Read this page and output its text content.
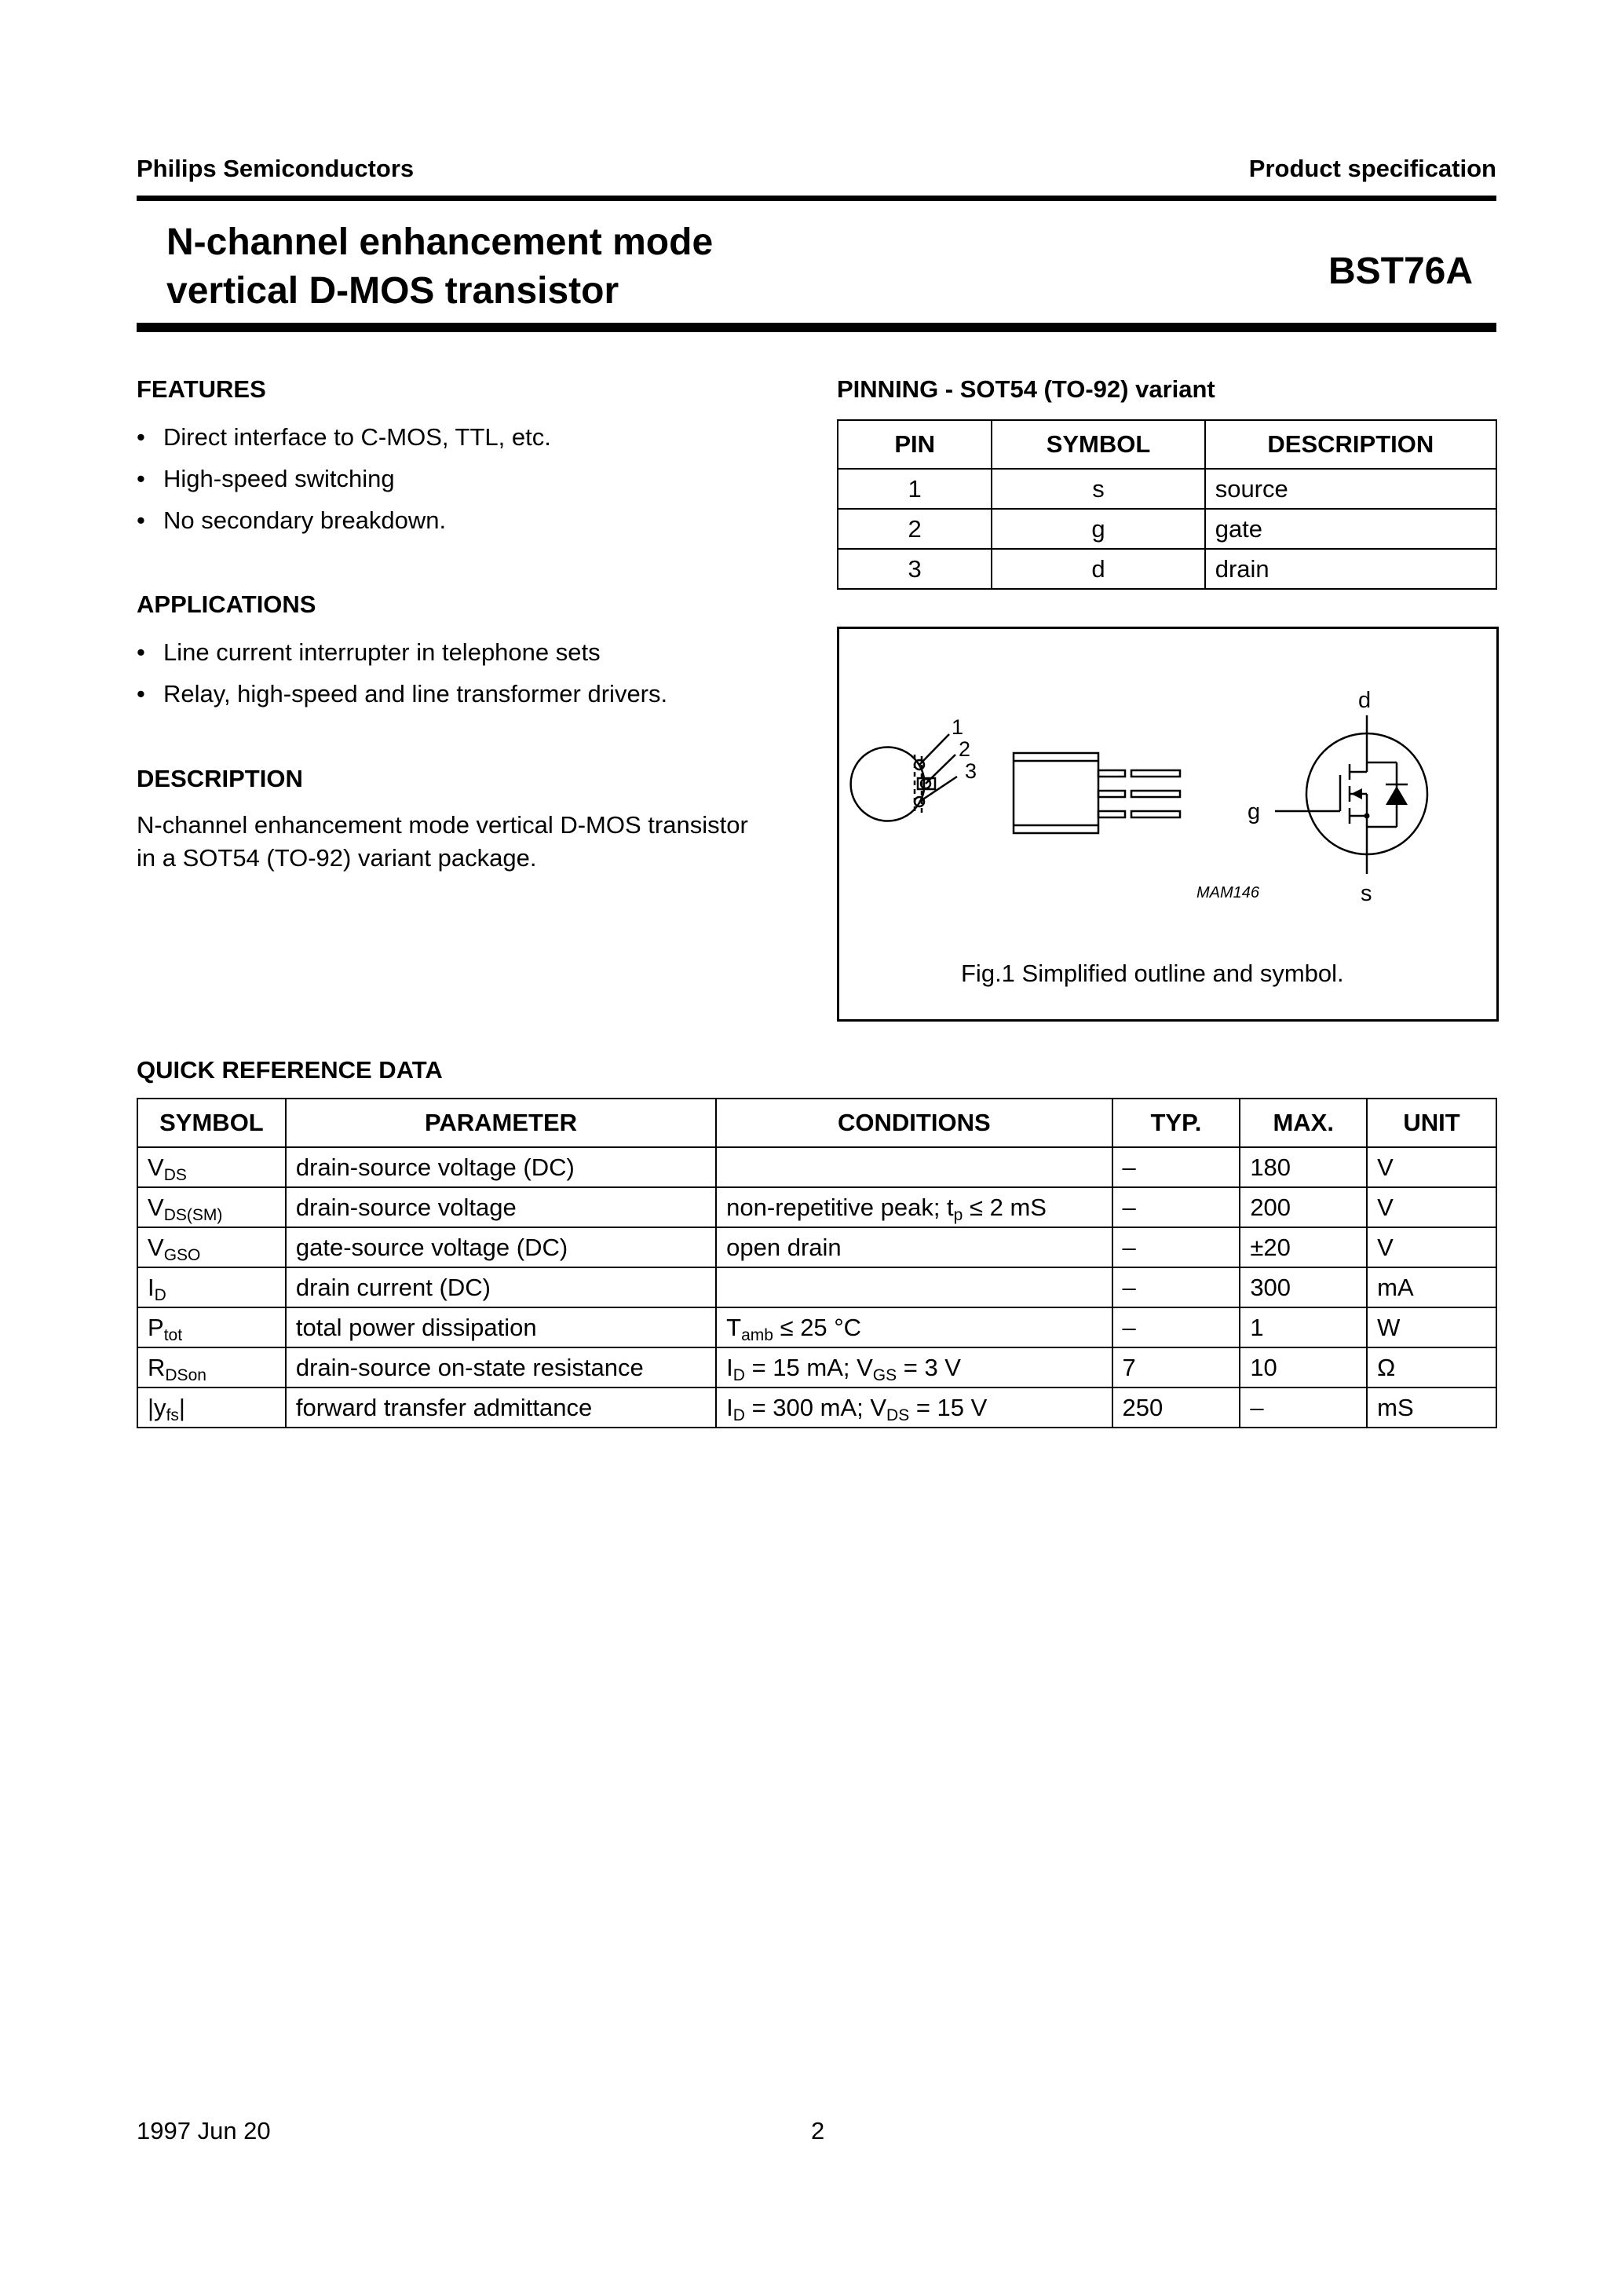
Philips Semiconductors	Product specification
N-channel enhancement mode
vertical D-MOS transistor	BST76A
FEATURES
• Direct interface to C-MOS, TTL, etc.
• High-speed switching
• No secondary breakdown.
APPLICATIONS
• Line current interrupter in telephone sets
• Relay, high-speed and line transformer drivers.
DESCRIPTION
N-channel enhancement mode vertical D-MOS transistor
in a SOT54 (TO-92) variant package.
PINNING - SOT54 (TO-92) variant
PIN	SYMBOL	DESCRIPTION
1	s	source
2	g	gate
3	d	drain
1
2
3
d
g
s
MAM146
Fig.1 Simplified outline and symbol.
QUICK REFERENCE DATA
SYMBOL	PARAMETER	CONDITIONS	TYP.	MAX.	UNIT
$V_{DS}$	drain-source voltage (DC)		–	180	V
$V_{DS(SM)}$	drain-source voltage	non-repetitive peak; $t_p \le 2$ mS	–	200	V
$V_{GSO}$	gate-source voltage (DC)	open drain	–	±20	V
$I_D$	drain current (DC)		–	300	mA
$P_{tot}$	total power dissipation	$T_{amb} \le 25$ °C	–	1	W
$R_{DSon}$	drain-source on-state resistance	$I_D = 15$ mA; $V_{GS} = 3$ V	7	10	Ω
$|y_{fs}|$	forward transfer admittance	$I_D = 300$ mA; $V_{DS} = 15$ V	250	–	mS
1997 Jun 20	2
